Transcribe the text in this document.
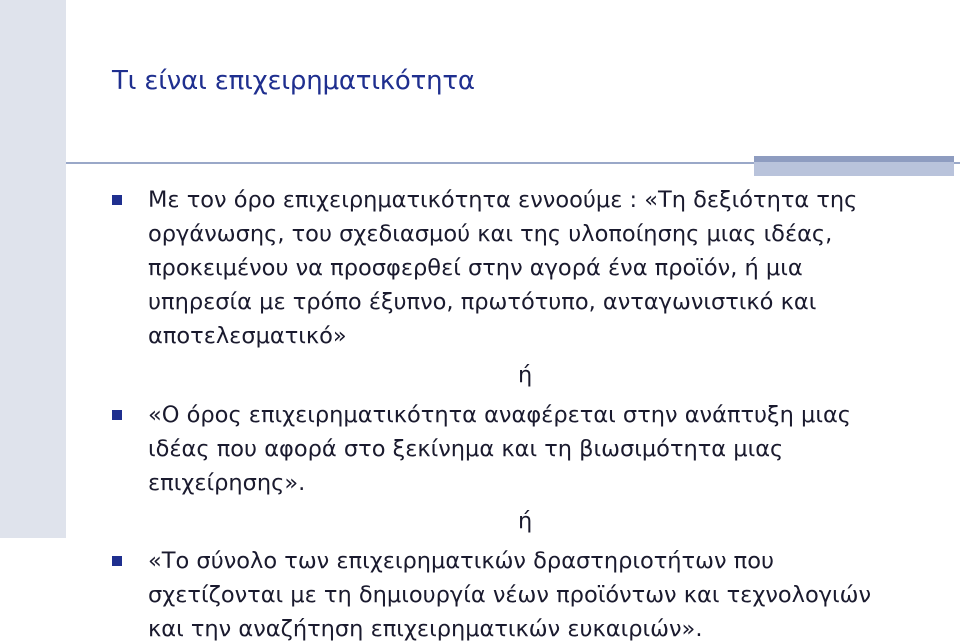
Τι είναι επιχειρηματικότητα
Με τον όρο επιχειρηματικότητα εννοούμε : «Τη δεξιότητα της
οργάνωσης, του σχεδιασμού και της υλοποίησης μιας ιδέας,
προκειμένου να προσφερθεί στην αγορά ένα προϊόν, ή μια
υπηρεσία με τρόπο έξυπνο, πρωτότυπο, ανταγωνιστικό και
αποτελεσματικό»
ή
«Ο όρος επιχειρηματικότητα αναφέρεται στην ανάπτυξη μιας
ιδέας που αφορά στο ξεκίνημα και τη βιωσιμότητα μιας
επιχείρησης».
ή
«Το σύνολο των επιχειρηματικών δραστηριοτήτων που
σχετίζονται με τη δημιουργία νέων προϊόντων και τεχνολογιών
και την αναζήτηση επιχειρηματικών ευκαιριών».
